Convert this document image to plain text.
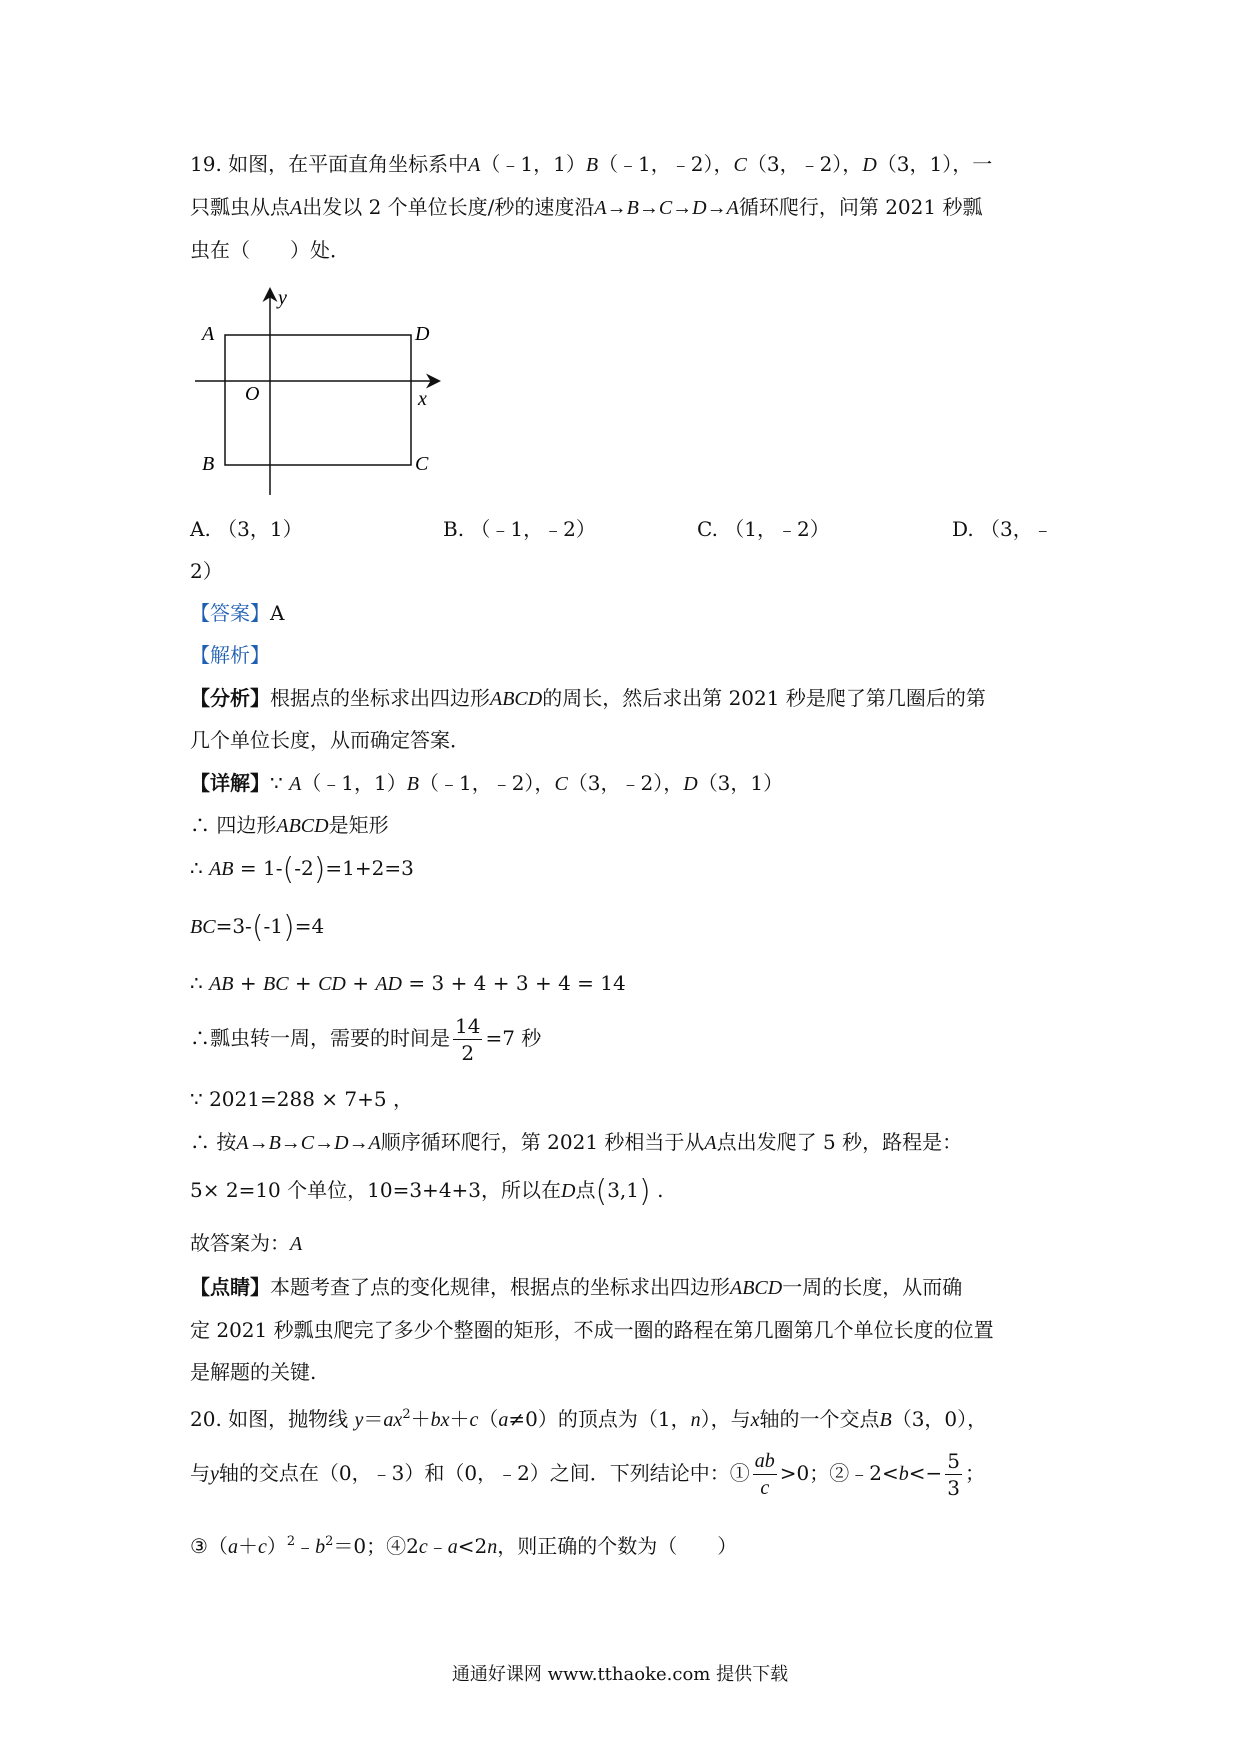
19. 如图，在平面直角坐标系中A（﹣1，1）B（﹣1，﹣2），C（3，﹣2），D（3，1），一
只瓢虫从点A出发以 2 个单位长度/秒的速度沿A→B→C→D→A循环爬行，问第 2021 秒瓢
虫在（　　）处．
y
x
O
A	D
B	C
A. （3，1）	B. （﹣1，﹣2）	C. （1，﹣2）	D. （3，﹣
2）
【答案】A
【解析】
【分析】根据点的坐标求出四边形ABCD的周长，然后求出第 2021 秒是爬了第几圈后的第
几个单位长度，从而确定答案．
【详解】∵ A（﹣1，1）B（﹣1，﹣2），C（3，﹣2），D（3，1）
∴ 四边形ABCD是矩形
∴ AB = 1-(-2)=1+2=3
BC=3-(-1)=4
∴ AB + BC + CD + AD = 3 + 4 + 3 + 4 = 14
∴瓢虫转一周，需要的时间是 $\frac{14}{2} =7$ 秒
∵ 2021=288 × 7+5 ，
∴ 按A→B→C→D→A顺序循环爬行，第 2021 秒相当于从A点出发爬了 5 秒，路程是：
5× 2=10 个单位，10=3+4+3，所以在D点(3,1) .
故答案为：A
【点睛】本题考查了点的变化规律，根据点的坐标求出四边形ABCD一周的长度，从而确
定 2021 秒瓢虫爬完了多少个整圈的矩形，不成一圈的路程在第几圈第几个单位长度的位置
是解题的关键.
20. 如图，抛物线 $y=ax^2+bx+c(a\ne 0)$的顶点为（1，n），与x轴的一个交点B（3，0），
与y轴的交点在（0，﹣3）和（0，﹣2）之间．下列结论中：① $\frac{ab}{c} >0$；②﹣2<b<− $\frac{5}{3}$ ；
$③(a+c)^2﹣b^2=0$；④2c﹣a<2n，则正确的个数为（　　）
通通好课网 www.tthaoke.com 提供下载
